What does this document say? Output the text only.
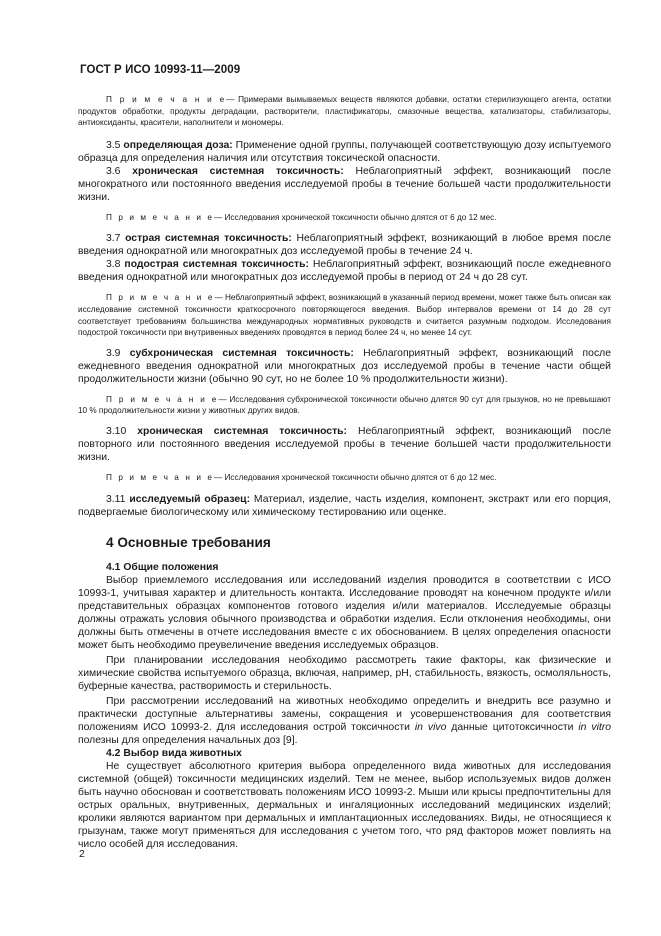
ГОСТ Р ИСО 10993-11—2009

П р и м е ч а н и е— Примерами вымываемых веществ являются добавки, остатки стерилизующего агента, остатки продуктов обработки, продукты деградации, растворители, пластификаторы, смазочные вещества, катализаторы, стабилизаторы, антиоксиданты, красители, наполнители и мономеры.

3.5 определяющая доза: Применение одной группы, получающей соответствующую дозу испытуемого образца для определения наличия или отсутствия токсической опасности.

3.6 хроническая системная токсичность: Неблагоприятный эффект, возникающий после многократного или постоянного введения исследуемой пробы в течение большей части продолжительности жизни.

П р и м е ч а н и е— Исследования хронической токсичности обычно длятся от 6 до 12 мес.

3.7 острая системная токсичность: Неблагоприятный эффект, возникающий в любое время после введения однократной или многократных доз исследуемой пробы в течение 24 ч.

3.8 подострая системная токсичность: Неблагоприятный эффект, возникающий после ежедневного введения однократной или многократных доз исследуемой пробы в период от 24 ч до 28 сут.

П р и м е ч а н и е— Неблагоприятный эффект, возникающий в указанный период времени, может также быть описан как исследование системной токсичности краткосрочного повторяющегося введения. Выбор интервалов времени от 14 до 28 сут соответствует требованиям большинства международных нормативных руководств и считается разумным подходом. Исследования подострой токсичности при внутривенных введениях проводятся в период более 24 ч, но менее 14 сут.

3.9 субхроническая системная токсичность: Неблагоприятный эффект, возникающий после ежедневного введения однократной или многократных доз исследуемой пробы в течение части общей продолжительности жизни (обычно 90 сут, но не более 10 % продолжительности жизни).

П р и м е ч а н и е— Исследования субхронической токсичности обычно длятся 90 сут для грызунов, но не превышают 10 % продолжительности жизни у животных других видов.

3.10 хроническая системная токсичность: Неблагоприятный эффект, возникающий после повторного или постоянного введения исследуемой пробы в течение большей части продолжительности жизни.

П р и м е ч а н и е— Исследования хронической токсичности обычно длятся от 6 до 12 мес.

3.11 исследуемый образец: Материал, изделие, часть изделия, компонент, экстракт или его порция, подвергаемые биологическому или химическому тестированию или оценке.

4 Основные требования
4.1 Общие положения

Выбор приемлемого исследования или исследований изделия проводится в соответствии с ИСО 10993-1, учитывая характер и длительность контакта. Исследование проводят на конечном продукте и/или представительных образцах компонентов готового изделия и/или материалов. Исследуемые образцы должны отражать условия обычного производства и обработки изделия. Если отклонения необходимы, они должны быть отмечены в отчете исследования вместе с их обоснованием. В целях определения опасности может быть необходимо преувеличение введения исследуемых образцов.

При планировании исследования необходимо рассмотреть такие факторы, как физические и химические свойства испытуемого образца, включая, например, pH, стабильность, вязкость, осмоляльность, буферные качества, растворимость и стерильность.

При рассмотрении исследований на животных необходимо определить и внедрить все разумно и практически доступные альтернативы замены, сокращения и усовершенствования для соответствия положениям ИСО 10993-2. Для исследования острой токсичности in vivo данные цитотоксичности in vitro полезны для определения начальных доз [9].

4.2 Выбор вида животных

Не существует абсолютного критерия выбора определенного вида животных для исследования системной (общей) токсичности медицинских изделий. Тем не менее, выбор используемых видов должен быть научно обоснован и соответствовать положениям ИСО 10993-2. Мыши или крысы предпочтительны для острых оральных, внутривенных, дермальных и ингаляционных исследований медицинских изделий; кролики являются вариантом при дермальных и имплантационных исследованиях. Виды, не относящиеся к грызунам, также могут применяться для исследования с учетом того, что ряд факторов может повлиять на число особей для исследования.

2
